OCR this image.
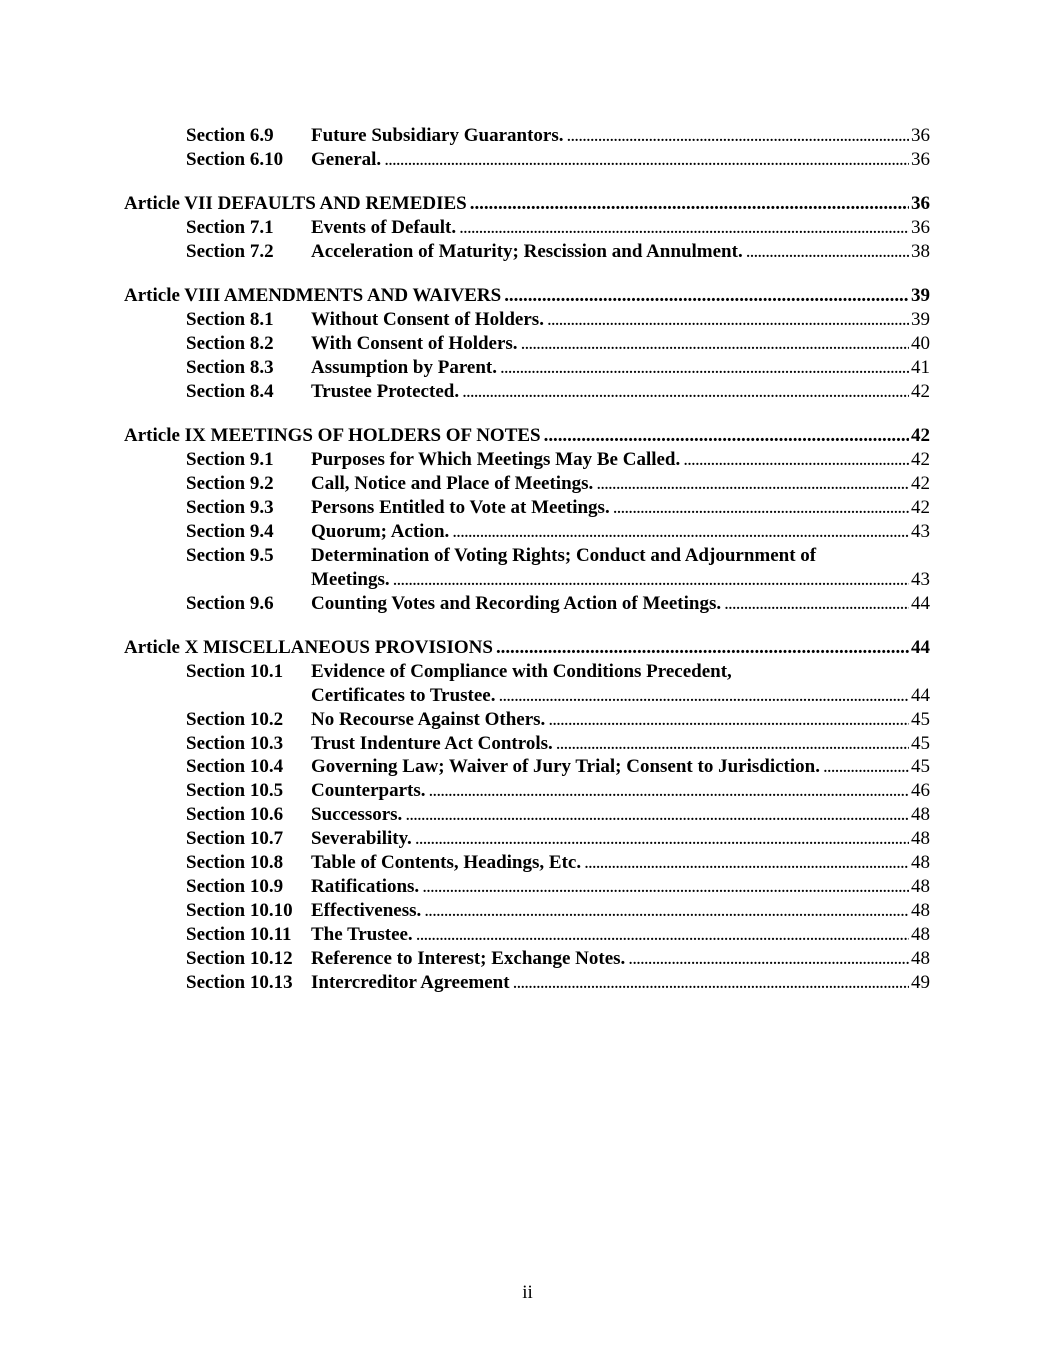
Section 6.9	Future Subsidiary Guarantors. . . .	36
Section 6.10	General. . . .	36
Article VII DEFAULTS AND REMEDIES . . .	36
Section 7.1	Events of Default. . . .	36
Section 7.2	Acceleration of Maturity; Rescission and Annulment. . . .	38
Article VIII AMENDMENTS AND WAIVERS . . .	39
Section 8.1	Without Consent of Holders. . . .	39
Section 8.2	With Consent of Holders. . . .	40
Section 8.3	Assumption by Parent. . . .	41
Section 8.4	Trustee Protected. . . .	42
Article IX MEETINGS OF HOLDERS OF NOTES . . .	42
Section 9.1	Purposes for Which Meetings May Be Called. . . .	42
Section 9.2	Call, Notice and Place of Meetings. . . .	42
Section 9.3	Persons Entitled to Vote at Meetings. . . .	42
Section 9.4	Quorum; Action. . . .	43
Section 9.5	Determination of Voting Rights; Conduct and Adjournment of
Meetings. . . .	43
Section 9.6	Counting Votes and Recording Action of Meetings. . . .	44
Article X MISCELLANEOUS PROVISIONS . . .	44
Section 10.1	Evidence of Compliance with Conditions Precedent,
Certificates to Trustee. . . .	44
Section 10.2	No Recourse Against Others. . . .	45
Section 10.3	Trust Indenture Act Controls. . . .	45
Section 10.4	Governing Law; Waiver of Jury Trial; Consent to Jurisdiction. . . .	45
Section 10.5	Counterparts. . . .	46
Section 10.6	Successors. . . .	48
Section 10.7	Severability. . . .	48
Section 10.8	Table of Contents, Headings, Etc. . . .	48
Section 10.9	Ratifications. . . .	48
Section 10.10 Effectiveness. . . .	48
Section 10.11	The Trustee. . . .	48
Section 10.12 Reference to Interest; Exchange Notes. . . .	48
Section 10.13 Intercreditor Agreement . . .	49
ii
